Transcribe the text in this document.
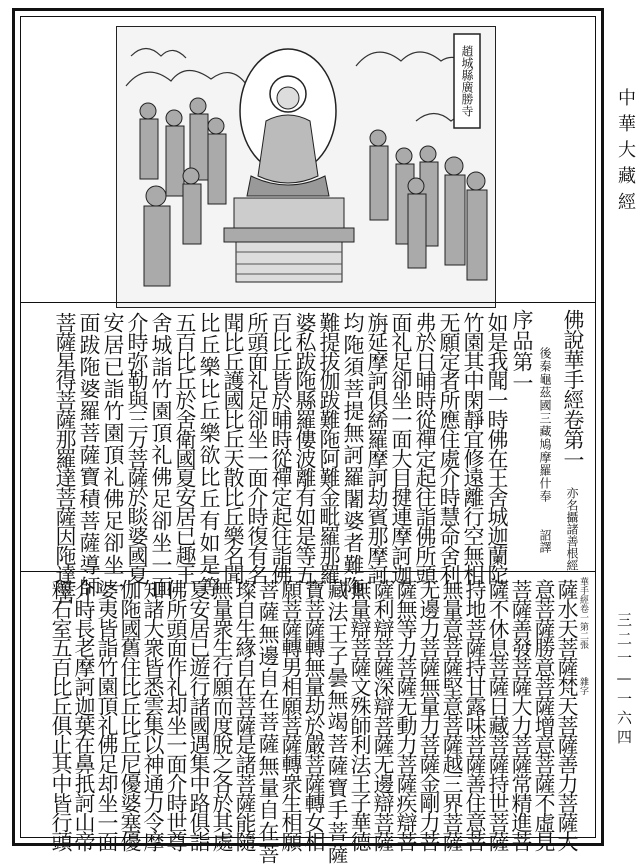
中華大藏經
三二一—一六四
趙城縣廣勝寺
佛說華手經卷第一
亦名攝諸善根經
後秦龜茲國三藏鳩摩羅什奉
詔譯
序品第一
如是我聞一時佛在王舍城迦蘭陀
竹園其中閑靜宜修遠離行空無相
无願定者所應住處介時慧命舍利
弗於日晡時從禪定起往詣佛所頭
面礼足卻坐一面大目揵連摩訶迦
旃延摩訶俱絺羅摩訶劫賓那摩訶
均陁須菩提無訶羅闍婆者難陁
難提拔伽跋難陁阿難金毗羅那羅
婆私跋陁縣羅僂波離有如是等五
百比丘皆於晡時從禪定起往詣佛
所頭面礼足卻坐一面介時復有名
聞比丘護國比丘天散比丘樂名聞
比丘樂比丘樂欲比丘有如是等
五百比丘於舍衛國夏安居已趣王
舍城詣竹園頂礼佛足卻坐一面
介時弥勒與三万菩薩於睒婆國夏
安居已詣竹園頂礼佛足卻坐一
面跋陁婆羅菩薩寶積菩薩導師
菩薩星得菩薩那羅達菩薩因陁達菩
華手經卷一第二張
雜字
薩水天菩薩梵天菩薩善力菩薩大
意菩薩勝意菩薩增意菩薩不虛見
菩薩善發菩薩大力菩薩常精進菩
薩不休息菩薩日藏菩薩持世菩薩
持地菩薩持甘露味菩薩善住意菩
無量意菩薩堅意菩薩越三界菩薩
无邊力菩薩無量力菩薩金剛力菩
薩無等力菩薩无動力菩薩疾辯菩
薩利辯菩薩深辯菩薩无邊辯菩薩
無量辯菩薩文殊師利法王子華德
藏法王子曇無竭菩薩寶手菩薩
寶菩薩轉無量劫於嚴菩薩轉女相
願菩薩轉男相願菩薩轉衆生相願
菩薩無邊自在菩薩無量自在菩
璨自生緣自在菩薩是諸菩薩能隨
無量衆生行願而度脫之各於其處
夏安居已遊行諸國遇集中路俱詣
佛所頭面作礼却坐一面介時世尊
知諸大衆皆悉雲集以神通力令摩
伽陁國舊住比丘比丘尼優婆塞優
婆夷皆詣竹園頂礼佛足却坐一面
介時長老摩訶迦葉在鼻扺訶山帝
釋石室五百比丘俱止其中皆行頭
